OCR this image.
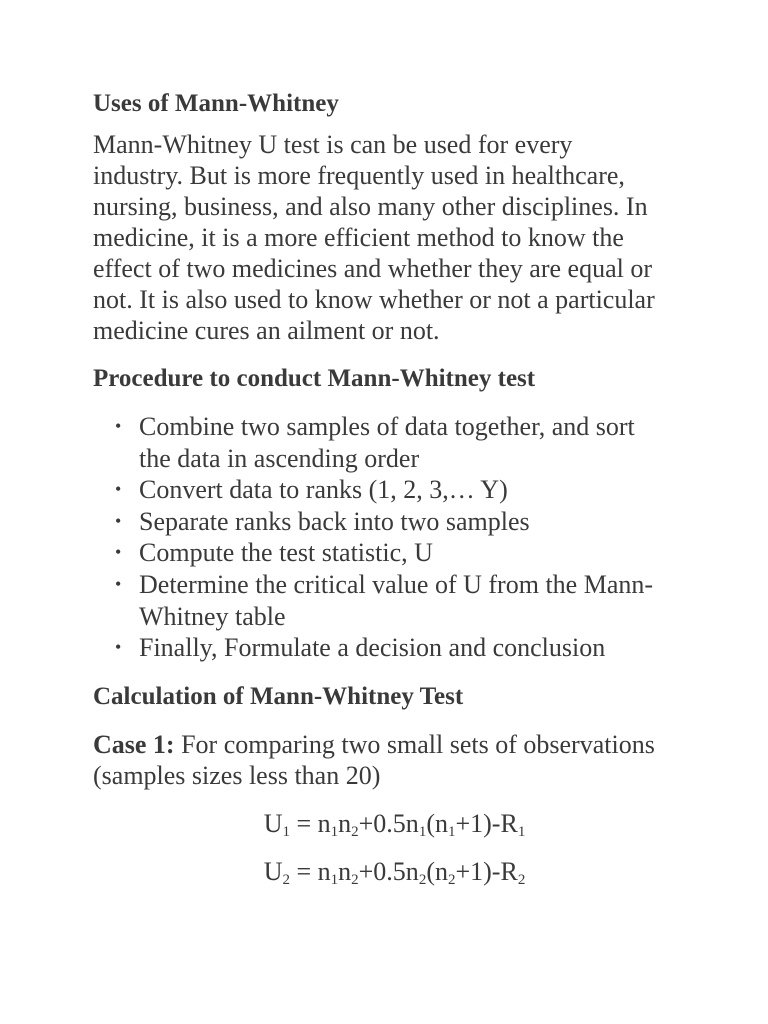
Uses of Mann-Whitney

Mann-Whitney U test is can be used for every industry. But is more frequently used in healthcare, nursing, business, and also many other disciplines. In medicine, it is a more efficient method to know the effect of two medicines and whether they are equal or not. It is also used to know whether or not a particular medicine cures an ailment or not.

Procedure to conduct Mann-Whitney test
• Combine two samples of data together, and sort the data in ascending order
• Convert data to ranks (1, 2, 3,… Y)
• Separate ranks back into two samples
• Compute the test statistic, U
• Determine the critical value of U from the Mann-Whitney table
• Finally, Formulate a decision and conclusion
Calculation of Mann-Whitney Test

Case 1: For comparing two small sets of observations (samples sizes less than 20)

$U_1 = n_1n_2+0.5n_1(n_1+1)-R_1$
$U_2 = n_1n_2+0.5n_2(n_2+1)-R_2$
